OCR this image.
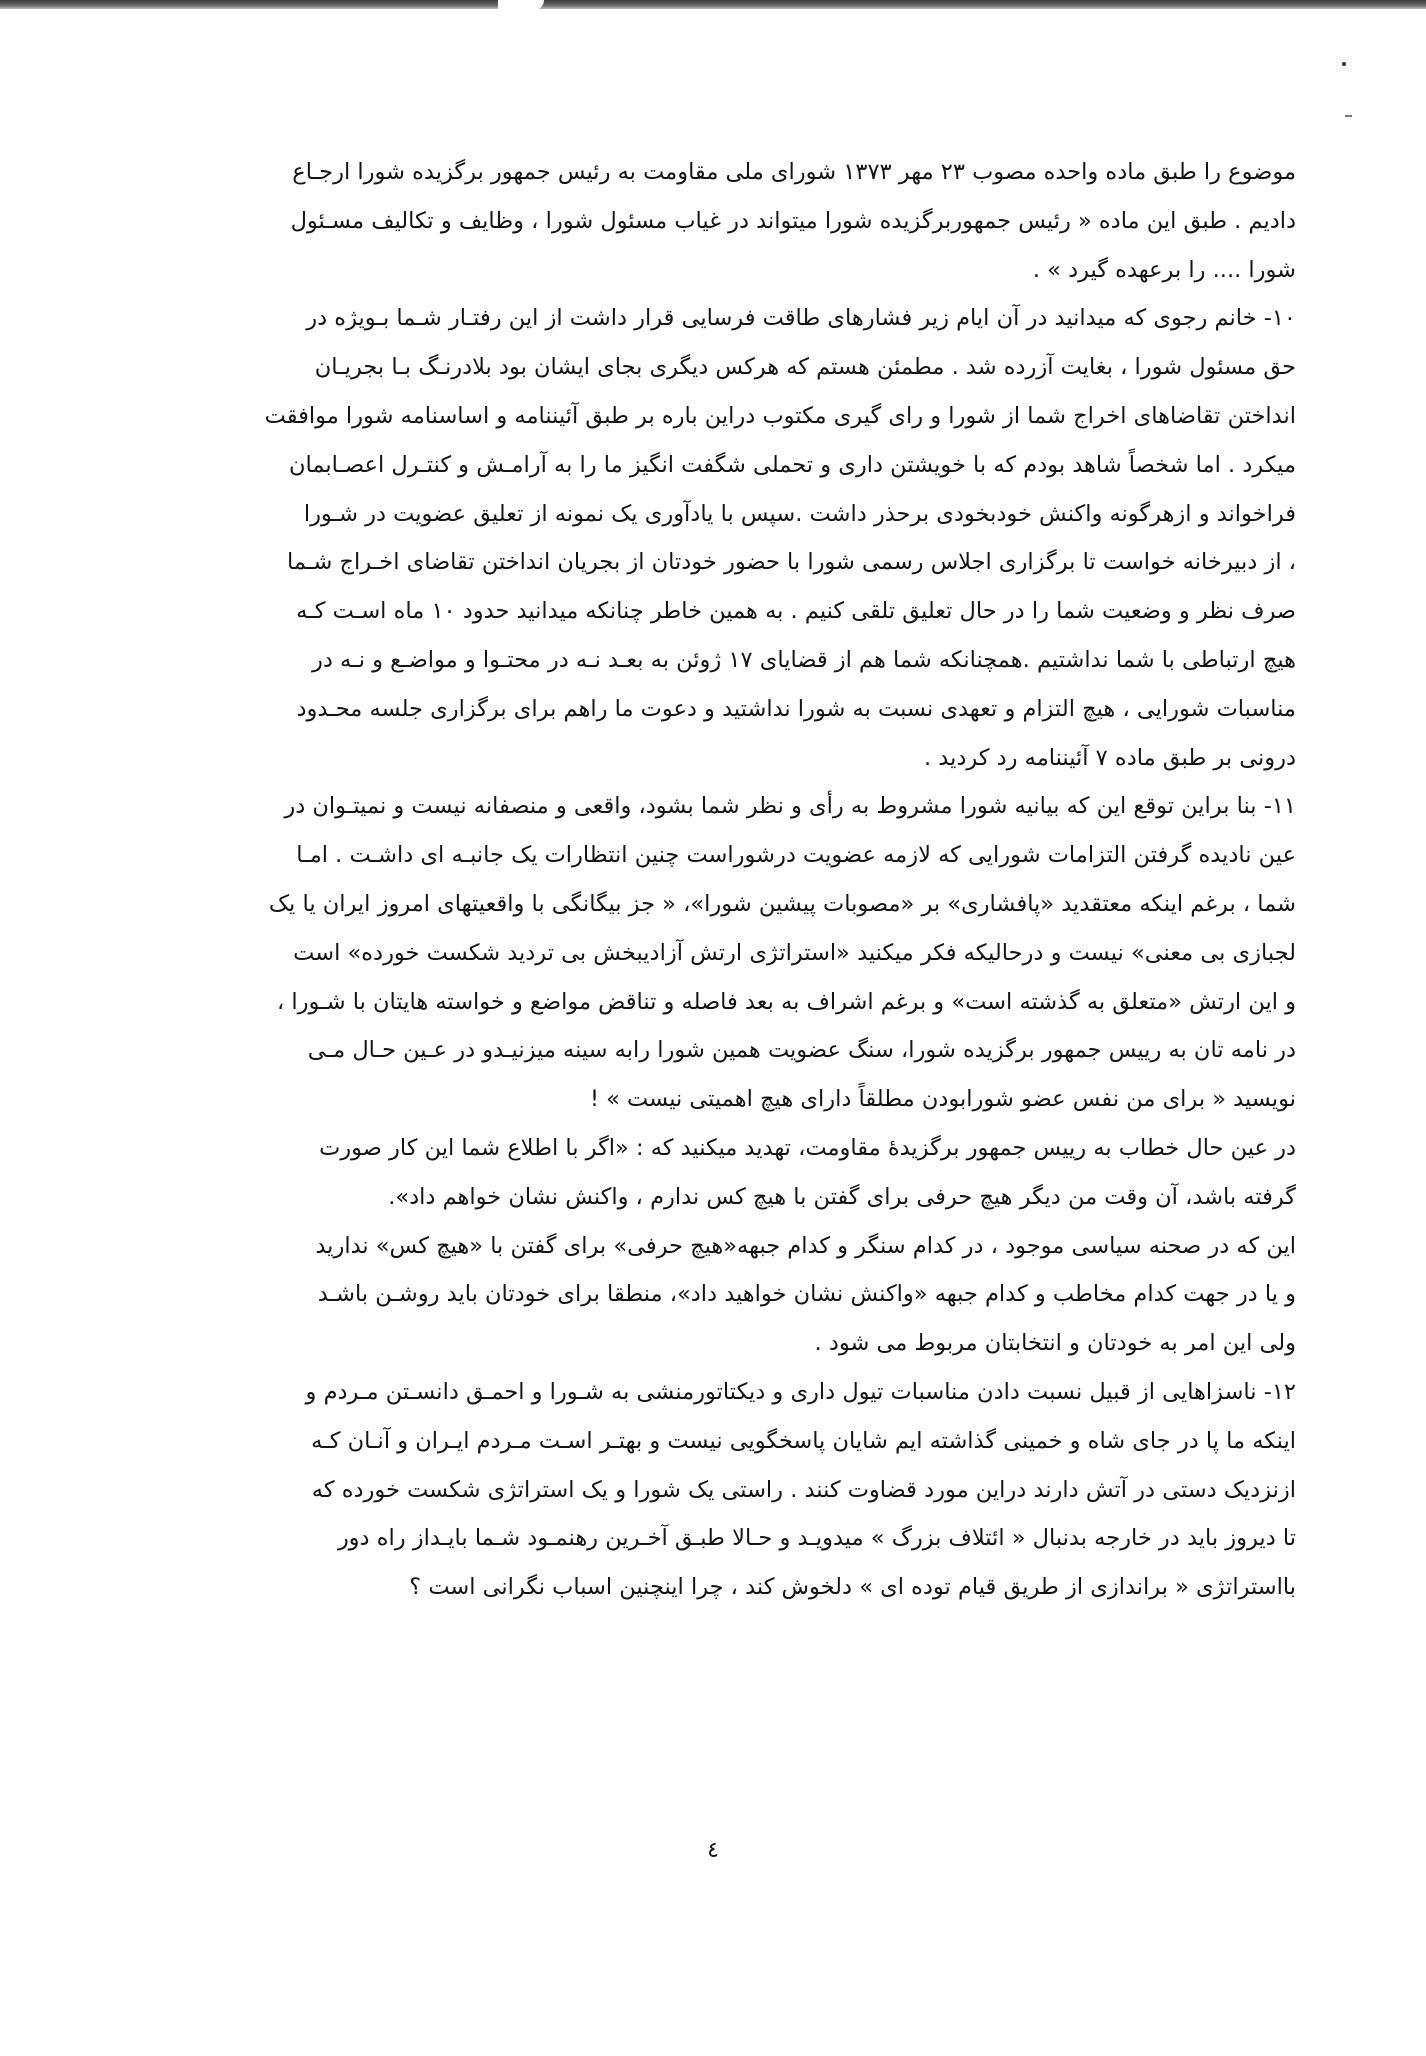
موضوع را طبق ماده واحده مصوب ۲۳ مهر ۱۳۷۳ شورای ملی مقاومت به رئیس جمهور برگزیده شورا ارجـاع
دادیم . طبق این ماده « رئیس جمهوربرگزیده شورا میتواند در غیاب مسئول شورا ، وظایف و تکالیف مسـئول
شورا .... را برعهده گیرد » .
۱۰- خانم رجوی که میدانید در آن ایام زیر فشارهای طاقت فرسایی قرار داشت از این رفتـار شـما بـویژه در
حق مسئول شورا ، بغایت آزرده شد . مطمئن هستم که هرکس دیگری بجای ایشان بود بلادرنـگ بـا بجریـان
انداختن تقاضاهای اخراج شما از شورا و رای گیری مکتوب دراین باره بر طبق آئیننامه و اساسنامه شورا موافقت
میکرد . اما شخصاً شاهد بودم که با خویشتن داری و تحملی شگفت انگیز ما را به آرامـش و کنتـرل اعصـابمان
فراخواند و ازهرگونه واکنش خودبخودی برحذر داشت .سپس با یادآوری یک نمونه از تعلیق عضویت در شـورا
، از دبیرخانه خواست تا برگزاری اجلاس رسمی شورا با حضور خودتان از بجریان انداختن تقاضای اخـراج شـما
صرف نظر و وضعیت شما را در حال تعلیق تلقی کنیم . به همین خاطر چنانکه میدانید حدود ۱۰ ماه اسـت کـه
هیچ ارتباطی با شما نداشتیم .همچنانکه شما هم از قضایای ۱۷ ژوئن به بعـد نـه در محتـوا و مواضـع و نـه در
مناسبات شورایی ، هیچ التزام و تعهدی نسبت به شورا نداشتید و دعوت ما راهم برای برگزاری جلسه محـدود
درونی بر طبق ماده ۷ آئیننامه رد کردید .
۱۱- بنا براین توقع این که بیانیه شورا مشروط به رأی و نظر شما بشود، واقعی و منصفانه نیست و نمیتـوان در
عین نادیده گرفتن التزامات شورایی که لازمه عضویت درشوراست چنین انتظارات یک جانبـه ای داشـت . امـا
شما ، برغم اینکه معتقدید «پافشاری» بر «مصوبات پیشین شورا»، « جز بیگانگی با واقعیتهای امروز ایران یا یک
لجبازی بی معنی» نیست و درحالیکه فکر میکنید «استراتژی ارتش آزادیبخش بی تردید شکست خورده» است
و این ارتش «متعلق به گذشته است» و برغم اشراف به بعد فاصله و تناقض مواضع و خواسته هایتان با شـورا ،
در نامه تان به رییس جمهور برگزیده شورا، سنگ عضویت همین شورا رابه سینه میزنیـدو در عـین حـال مـی
نویسید « برای من نفس عضو شورابودن مطلقاً دارای هیچ اهمیتی نیست » !
در عین حال خطاب به رییس جمهور برگزیدۀ مقاومت، تهدید میکنید که : «اگر با اطلاع شما این کار صورت
گرفته باشد، آن وقت من دیگر هیچ حرفی برای گفتن با هیچ کس ندارم ، واکنش نشان خواهم داد».
این که در صحنه سیاسی موجود ، در کدام سنگر و کدام جبهه«هیچ حرفی» برای گفتن با «هیچ کس» ندارید
و یا در جهت کدام مخاطب و کدام جبهه «واکنش نشان خواهید داد»، منطقا برای خودتان باید روشـن باشـد
ولی این امر به خودتان و انتخابتان مربوط می شود .
۱۲- ناسزاهایی از قبیل نسبت دادن مناسبات تیول داری و دیکتاتورمنشی به شـورا و احمـق دانسـتن مـردم و
اینکه ما پا در جای شاه و خمینی گذاشته ایم شایان پاسخگویی نیست و بهتـر اسـت مـردم ایـران و آنـان کـه
ازنزدیک دستی در آتش دارند دراین مورد قضاوت کنند . راستی یک شورا و یک استراتژی شکست خورده که
تا دیروز باید در خارجه بدنبال « ائتلاف بزرگ » میدویـد و حـالا طبـق آخـرین رهنمـود شـما بایـداز راه دور
بااستراتژی « براندازی از طریق قیام توده ای » دلخوش کند ، چرا اینچنین اسباب نگرانی است ؟
٤
